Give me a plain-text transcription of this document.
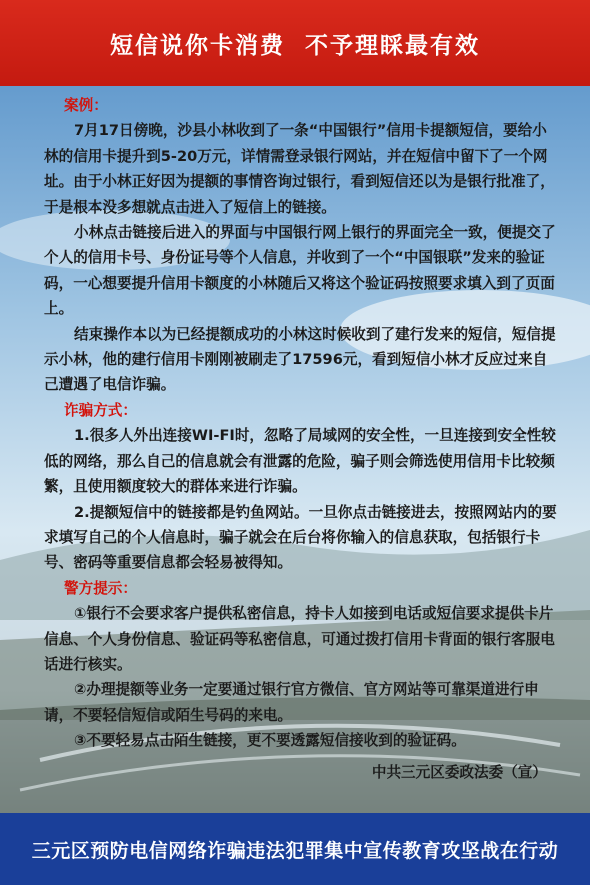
短信说你卡消费  不予理睬最有效
案例：

7月17日傍晚，沙县小林收到了一条“中国银行”信用卡提额短信，要给小林的信用卡提升到5-20万元，详情需登录银行网站，并在短信中留下了一个网址。由于小林正好因为提额的事情咨询过银行，看到短信还以为是银行批准了，于是根本没多想就点击进入了短信上的链接。

小林点击链接后进入的界面与中国银行网上银行的界面完全一致，便提交了个人的信用卡号、身份证号等个人信息，并收到了一个“中国银联”发来的验证码，一心想要提升信用卡额度的小林随后又将这个验证码按照要求填入到了页面上。

结束操作本以为已经提额成功的小林这时候收到了建行发来的短信，短信提示小林，他的建行信用卡刚刚被刷走了17596元，看到短信小林才反应过来自己遭遇了电信诈骗。

诈骗方式：

1.很多人外出连接WI-FI时，忽略了局域网的安全性，一旦连接到安全性较低的网络，那么自己的信息就会有泄露的危险，骗子则会筛选使用信用卡比较频繁，且使用额度较大的群体来进行诈骗。

2.提额短信中的链接都是钓鱼网站。一旦你点击链接进去，按照网站内的要求填写自己的个人信息时，骗子就会在后台将你输入的信息获取，包括银行卡号、密码等重要信息都会轻易被得知。

警方提示：

①银行不会要求客户提供私密信息，持卡人如接到电话或短信要求提供卡片信息、个人身份信息、验证码等私密信息，可通过拨打信用卡背面的银行客服电话进行核实。

②办理提额等业务一定要通过银行官方微信、官方网站等可靠渠道进行申请，不要轻信短信或陌生号码的来电。

③不要轻易点击陌生链接，更不要透露短信接收到的验证码。

中共三元区委政法委（宣）
三元区预防电信网络诈骗违法犯罪集中宣传教育攻坚战在行动
